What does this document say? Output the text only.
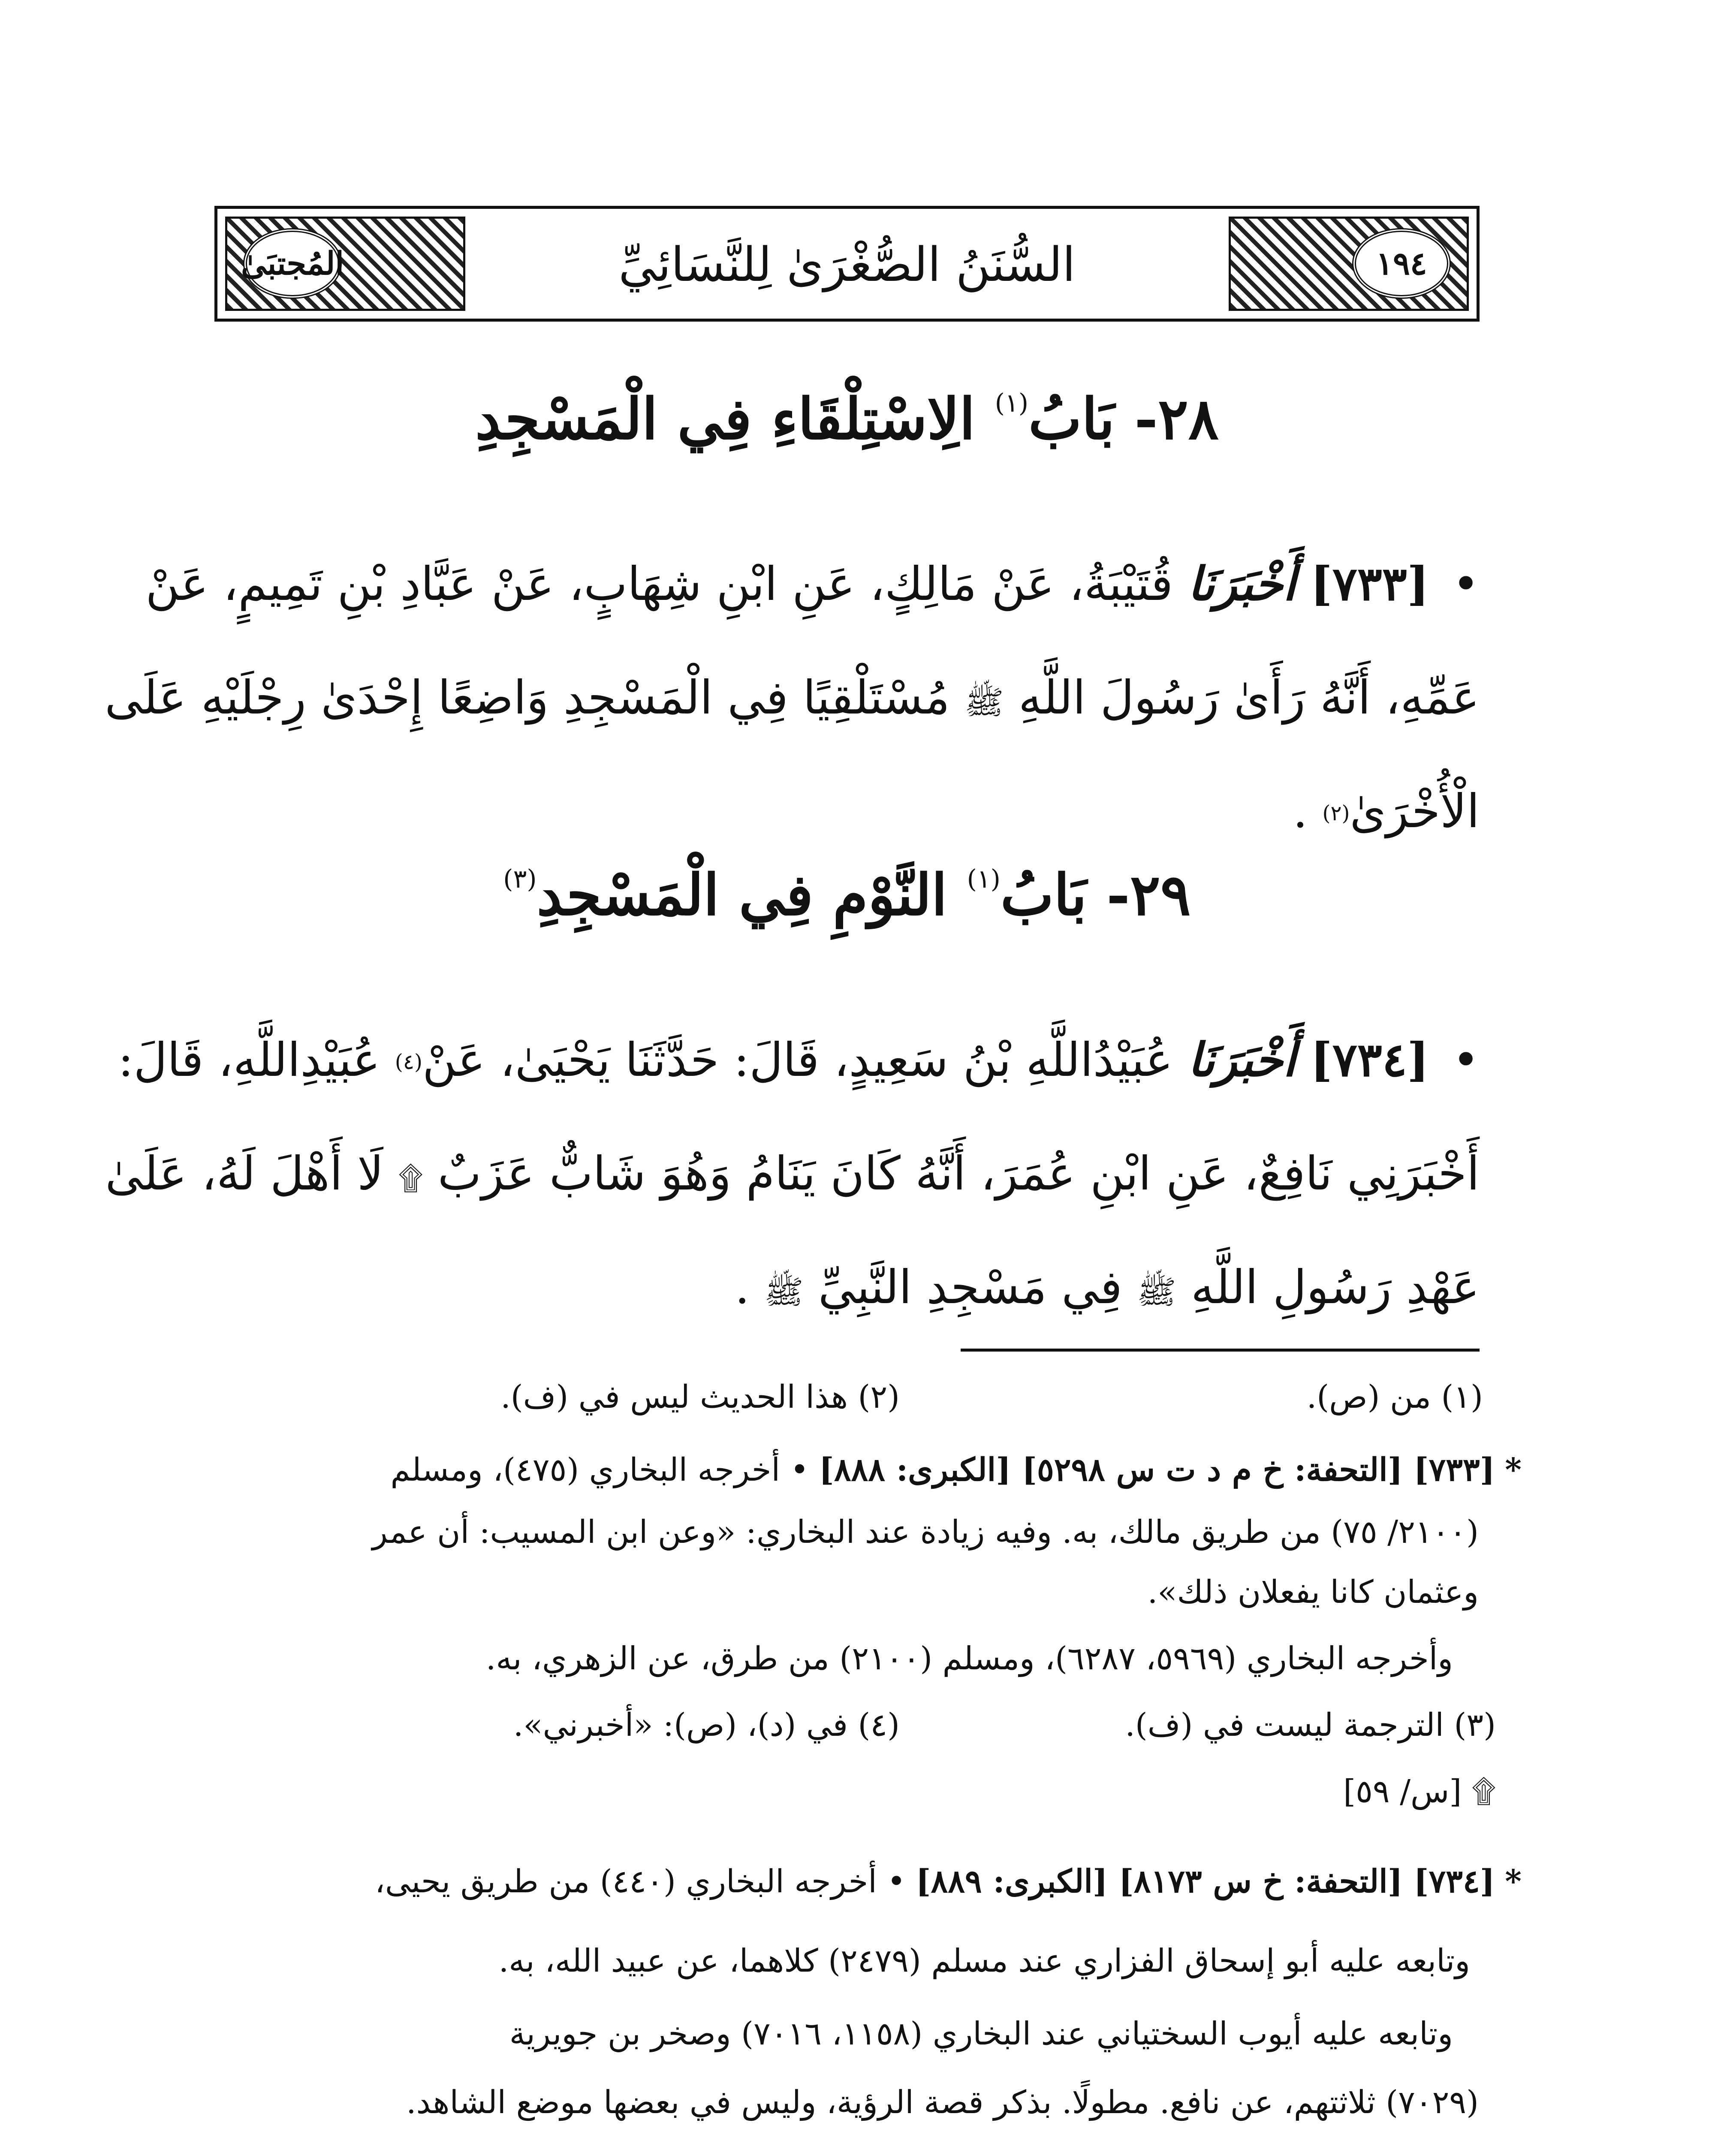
المُجتبَىٰ	السُّنَنُ الصُّغْرَىٰ لِلنَّسَائِيِّ	١٩٤
٢٨- بَابُ$^{(١)}$ الِاسْتِلْقَاءِ فِي الْمَسْجِدِ
• [٧٣٣] أَخْبَرَنَا قُتَيْبَةُ، عَنْ مَالِكٍ، عَنِ ابْنِ شِهَابٍ، عَنْ عَبَّادِ بْنِ تَمِيمٍ، عَنْ
عَمِّهِ، أَنَّهُ رَأَىٰ رَسُولَ اللَّهِ ﷺ مُسْتَلْقِيًا فِي الْمَسْجِدِ وَاضِعًا إِحْدَىٰ رِجْلَيْهِ عَلَى
الْأُخْرَىٰ$^{(٢)}$ .
٢٩- بَابُ$^{(١)}$ النَّوْمِ فِي الْمَسْجِدِ$^{(٣)}$
• [٧٣٤] أَخْبَرَنَا عُبَيْدُاللَّهِ بْنُ سَعِيدٍ، قَالَ: حَدَّثَنَا يَحْيَىٰ، عَنْ$^{(٤)}$ عُبَيْدِاللَّهِ، قَالَ:
أَخْبَرَنِي نَافِعٌ، عَنِ ابْنِ عُمَرَ، أَنَّهُ كَانَ يَنَامُ وَهُوَ شَابٌّ عَزَبٌ ۩ لَا أَهْلَ لَهُ، عَلَىٰ
عَهْدِ رَسُولِ اللَّهِ ﷺ فِي مَسْجِدِ النَّبِيِّ ﷺ .
(١) من (ص).
(٢) هذا الحديث ليس في (ف).
* [٧٣٣] [التحفة: خ م د ت س ٥٢٩٨] [الكبرى: ٨٨٨] • أخرجه البخاري (٤٧٥)، ومسلم
(٢١٠٠/ ٧٥) من طريق مالك، به. وفيه زيادة عند البخاري: «وعن ابن المسيب: أن عمر
وعثمان كانا يفعلان ذلك».
وأخرجه البخاري (٥٩٦٩، ٦٢٨٧)، ومسلم (٢١٠٠) من طرق، عن الزهري، به.
(٣) الترجمة ليست في (ف).
(٤) في (د)، (ص): «أخبرني».
۩ [س/ ٥٩]
* [٧٣٤] [التحفة: خ س ٨١٧٣] [الكبرى: ٨٨٩] • أخرجه البخاري (٤٤٠) من طريق يحيى،
وتابعه عليه أبو إسحاق الفزاري عند مسلم (٢٤٧٩) كلاهما، عن عبيد الله، به.
وتابعه عليه أيوب السختياني عند البخاري (١١٥٨، ٧٠١٦) وصخر بن جويرية
(٧٠٢٩) ثلاثتهم، عن نافع. مطولًا. بذكر قصة الرؤية، وليس في بعضها موضع الشاهد.
